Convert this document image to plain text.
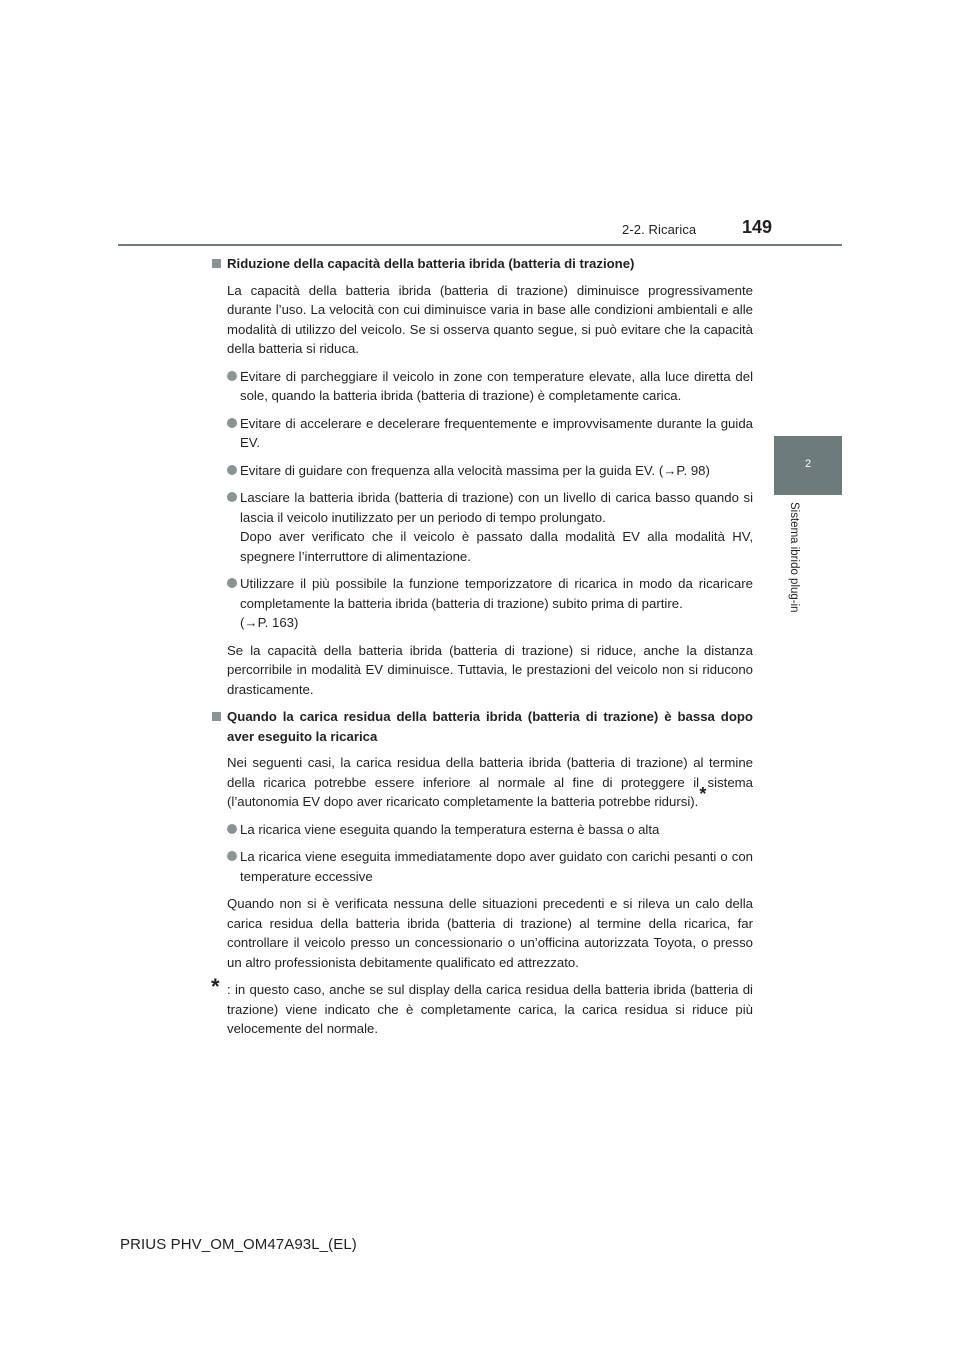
2-2. Ricarica	149
2
Sistema ibrido plug-in
Riduzione della capacità della batteria ibrida (batteria di trazione)

La capacità della batteria ibrida (batteria di trazione) diminuisce progressivamente durante l’uso. La velocità con cui diminuisce varia in base alle condizioni ambientali e alle modalità di utilizzo del veicolo. Se si osserva quanto segue, si può evitare che la capacità della batteria si riduca.

Evitare di parcheggiare il veicolo in zone con temperature elevate, alla luce diretta del sole, quando la batteria ibrida (batteria di trazione) è completamente carica.
Evitare di accelerare e decelerare frequentemente e improvvisamente durante la guida EV.
Evitare di guidare con frequenza alla velocità massima per la guida EV. (→P. 98)
Lasciare la batteria ibrida (batteria di trazione) con un livello di carica basso quando si lascia il veicolo inutilizzato per un periodo di tempo prolungato.
Dopo aver verificato che il veicolo è passato dalla modalità EV alla modalità HV, spegnere l’interruttore di alimentazione.
Utilizzare il più possibile la funzione temporizzatore di ricarica in modo da ricaricare completamente la batteria ibrida (batteria di trazione) subito prima di partire.
(→P. 163)

Se la capacità della batteria ibrida (batteria di trazione) si riduce, anche la distanza percorribile in modalità EV diminuisce. Tuttavia, le prestazioni del veicolo non si riducono drasticamente.

Quando la carica residua della batteria ibrida (batteria di trazione) è bassa dopo aver eseguito la ricarica

Nei seguenti casi, la carica residua della batteria ibrida (batteria di trazione) al termine della ricarica potrebbe essere inferiore al normale al fine di proteggere il sistema (l’autonomia EV dopo aver ricaricato completamente la batteria potrebbe ridursi).*

La ricarica viene eseguita quando la temperatura esterna è bassa o alta
La ricarica viene eseguita immediatamente dopo aver guidato con carichi pesanti o con temperature eccessive

Quando non si è verificata nessuna delle situazioni precedenti e si rileva un calo della carica residua della batteria ibrida (batteria di trazione) al termine della ricarica, far controllare il veicolo presso un concessionario o un’officina autorizzata Toyota, o presso un altro professionista debitamente qualificato ed attrezzato.

* : in questo caso, anche se sul display della carica residua della batteria ibrida (batteria di trazione) viene indicato che è completamente carica, la carica residua si riduce più velocemente del normale.
PRIUS PHV_OM_OM47A93L_(EL)
